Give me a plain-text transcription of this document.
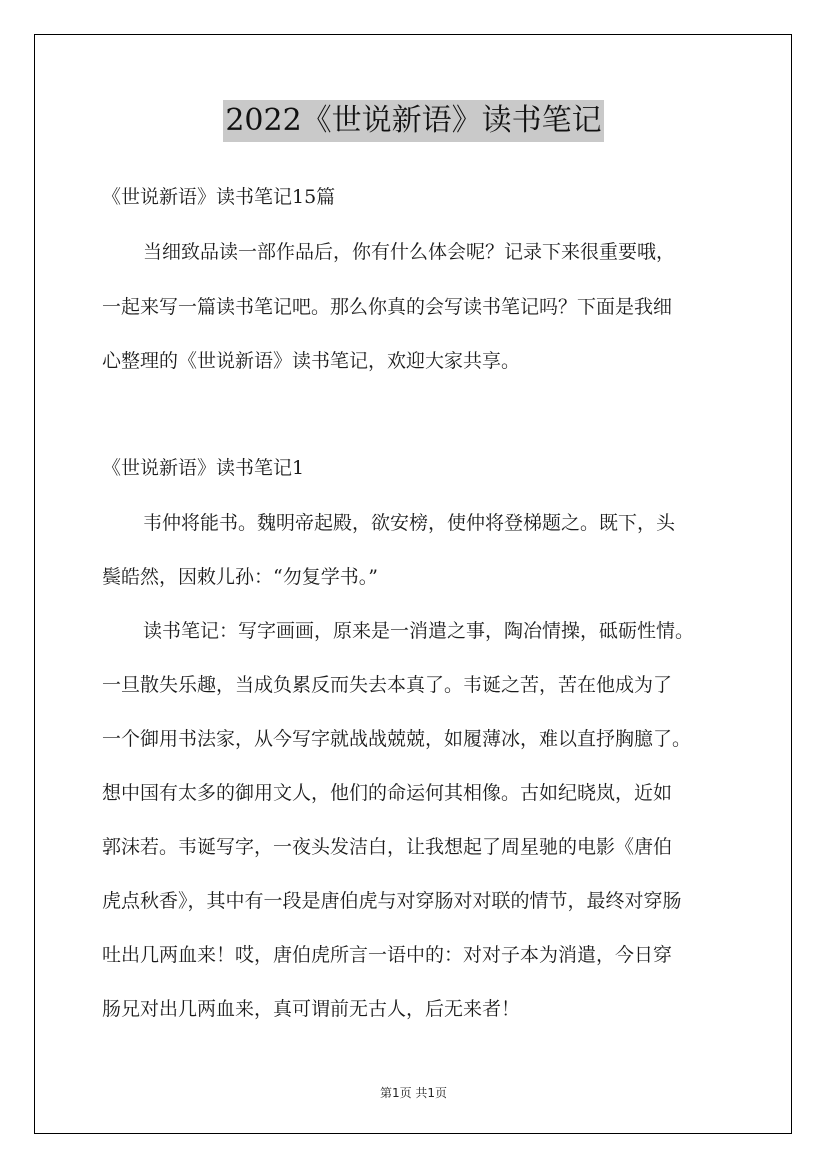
2022《世说新语》读书笔记
《世说新语》读书笔记15篇
当细致品读一部作品后，你有什么体会呢？记录下来很重要哦，
一起来写一篇读书笔记吧。那么你真的会写读书笔记吗？下面是我细
心整理的《世说新语》读书笔记，欢迎大家共享。
《世说新语》读书笔记1
韦仲将能书。魏明帝起殿，欲安榜，使仲将登梯题之。既下，头
鬓皓然，因敕儿孙：“勿复学书。”
读书笔记：写字画画，原来是一消遣之事，陶冶情操，砥砺性情。
一旦散失乐趣，当成负累反而失去本真了。韦诞之苦，苦在他成为了
一个御用书法家，从今写字就战战兢兢，如履薄冰，难以直抒胸臆了。
想中国有太多的御用文人，他们的命运何其相像。古如纪晓岚，近如
郭沫若。韦诞写字，一夜头发洁白，让我想起了周星驰的电影《唐伯
虎点秋香》，其中有一段是唐伯虎与对穿肠对对联的情节，最终对穿肠
吐出几两血来！哎，唐伯虎所言一语中的：对对子本为消遣，今日穿
肠兄对出几两血来，真可谓前无古人，后无来者！
第1页 共1页
